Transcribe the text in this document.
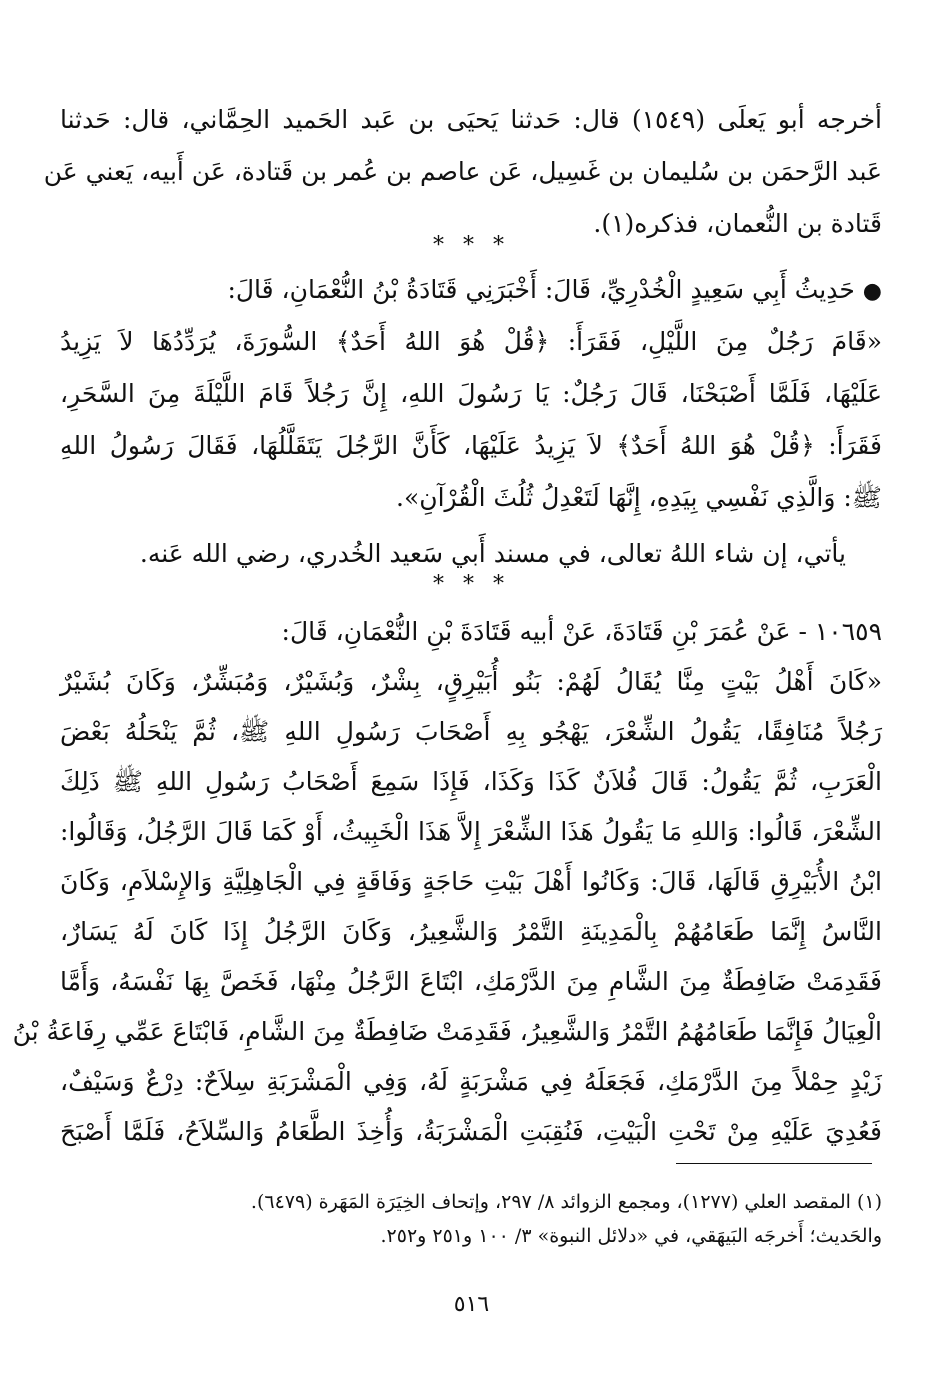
أخرجه أبو يَعلَى (١٥٤٩) قال: حَدثنا يَحيَى بن عَبد الحَميد الحِمَّاني، قال: حَدثنا
عَبد الرَّحمَن بن سُليمان بن غَسِيل، عَن عاصم بن عُمر بن قَتادة، عَن أَبيه، يَعني عَن
قَتادة بن النُّعمان، فذكره(١).
* * *
● حَدِيثُ أَبِي سَعِيدٍ الْخُدْرِيِّ، قَالَ: أَخْبَرَنِي قَتَادَةُ بْنُ النُّعْمَانِ، قَالَ:
«قَامَ رَجُلٌ مِنَ اللَّيْلِ، فَقَرَأَ: ﴿قُلْ هُوَ اللهُ أَحَدٌ﴾ السُّورَةَ، يُرَدِّدُهَا لاَ يَزِيدُ
عَلَيْهَا، فَلَمَّا أَصْبَحْنَا، قَالَ رَجُلٌ: يَا رَسُولَ اللهِ، إِنَّ رَجُلاً قَامَ اللَّيْلَةَ مِنَ السَّحَرِ،
فَقَرَأَ: ﴿قُلْ هُوَ اللهُ أَحَدٌ﴾ لاَ يَزِيدُ عَلَيْهَا، كَأَنَّ الرَّجُلَ يَتَقَلَّلُهَا، فَقَالَ رَسُولُ اللهِ
ﷺ: وَالَّذِي نَفْسِي بِيَدِهِ، إِنَّهَا لَتَعْدِلُ ثُلُثَ الْقُرْآنِ».
يأتي، إن شاء اللهُ تعالى، في مسند أَبي سَعيد الخُدري، رضي الله عَنه.
* * *
١٠٦٥٩ - عَنْ عُمَرَ بْنِ قَتَادَةَ، عَنْ أبيه قَتَادَةَ بْنِ النُّعْمَانِ، قَالَ:
«كَانَ أَهْلُ بَيْتٍ مِنَّا يُقَالُ لَهُمْ: بَنُو أُبَيْرِقٍ، بِشْرٌ، وَبُشَيْرٌ، وَمُبَشِّرٌ، وَكَانَ بُشَيْرٌ
رَجُلاً مُنَافِقًا، يَقُولُ الشِّعْرَ، يَهْجُو بِهِ أَصْحَابَ رَسُولِ اللهِ ﷺ، ثُمَّ يَنْحَلُهُ بَعْضَ
الْعَرَبِ، ثُمَّ يَقُولُ: قَالَ فُلاَنٌ كَذَا وَكَذَا، فَإِذَا سَمِعَ أَصْحَابُ رَسُولِ اللهِ ﷺ ذَلِكَ
الشِّعْرَ، قَالُوا: وَاللهِ مَا يَقُولُ هَذَا الشِّعْرَ إِلاَّ هَذَا الْخَبِيثُ، أَوْ كَمَا قَالَ الرَّجُلُ، وَقَالُوا:
ابْنُ الأُبَيْرِقِ قَالَهَا، قَالَ: وَكَانُوا أَهْلَ بَيْتِ حَاجَةٍ وَفَاقَةٍ فِي الْجَاهِلِيَّةِ وَالإِسْلاَمِ، وَكَانَ
النَّاسُ إِنَّمَا طَعَامُهُمْ بِالْمَدِينَةِ التَّمْرُ وَالشَّعِيرُ، وَكَانَ الرَّجُلُ إِذَا كَانَ لَهُ يَسَارٌ،
فَقَدِمَتْ ضَافِطَةٌ مِنَ الشَّامِ مِنَ الدَّرْمَكِ، ابْتَاعَ الرَّجُلُ مِنْهَا، فَخَصَّ بِهَا نَفْسَهُ، وَأَمَّا
الْعِيَالُ فَإِنَّمَا طَعَامُهُمُ التَّمْرُ وَالشَّعِيرُ، فَقَدِمَتْ ضَافِطَةٌ مِنَ الشَّامِ، فَابْتَاعَ عَمِّي رِفَاعَةُ بْنُ
زَيْدٍ حِمْلاً مِنَ الدَّرْمَكِ، فَجَعَلَهُ فِي مَشْرَبَةٍ لَهُ، وَفِي الْمَشْرَبَةِ سِلاَحٌ: دِرْعٌ وَسَيْفٌ،
فَعُدِيَ عَلَيْهِ مِنْ تَحْتِ الْبَيْتِ، فَنُقِبَتِ الْمَشْرَبَةُ، وَأُخِذَ الطَّعَامُ وَالسِّلاَحُ، فَلَمَّا أَصْبَحَ
(١) المقصد العلي (١٢٧٧)، ومجمع الزوائد ٨/ ٢٩٧، وإتحاف الخِيَرَة المَهَرة (٦٤٧٩).
والحَديث؛ أَخرجَه البَيهَقي، في «دلائل النبوة» ٣/ ١٠٠ و٢٥١ و٢٥٢.
٥١٦
